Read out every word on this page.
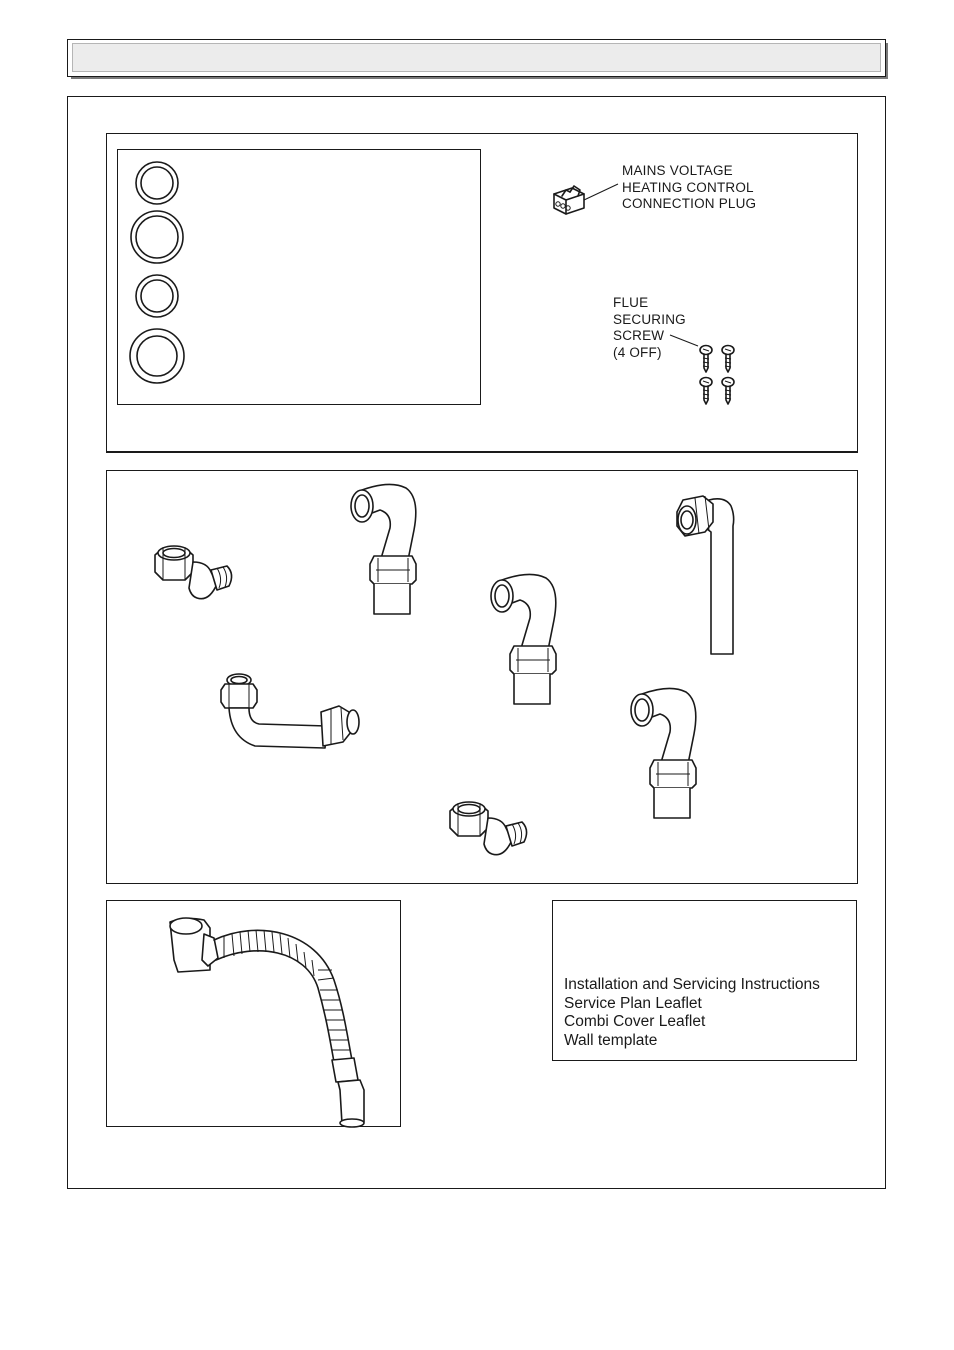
MAINS VOLTAGE
HEATING CONTROL
CONNECTION PLUG
FLUE
SECURING
SCREW
(4 OFF)
Installation and Servicing Instructions
Service Plan Leaflet
Combi Cover Leaflet
Wall template
